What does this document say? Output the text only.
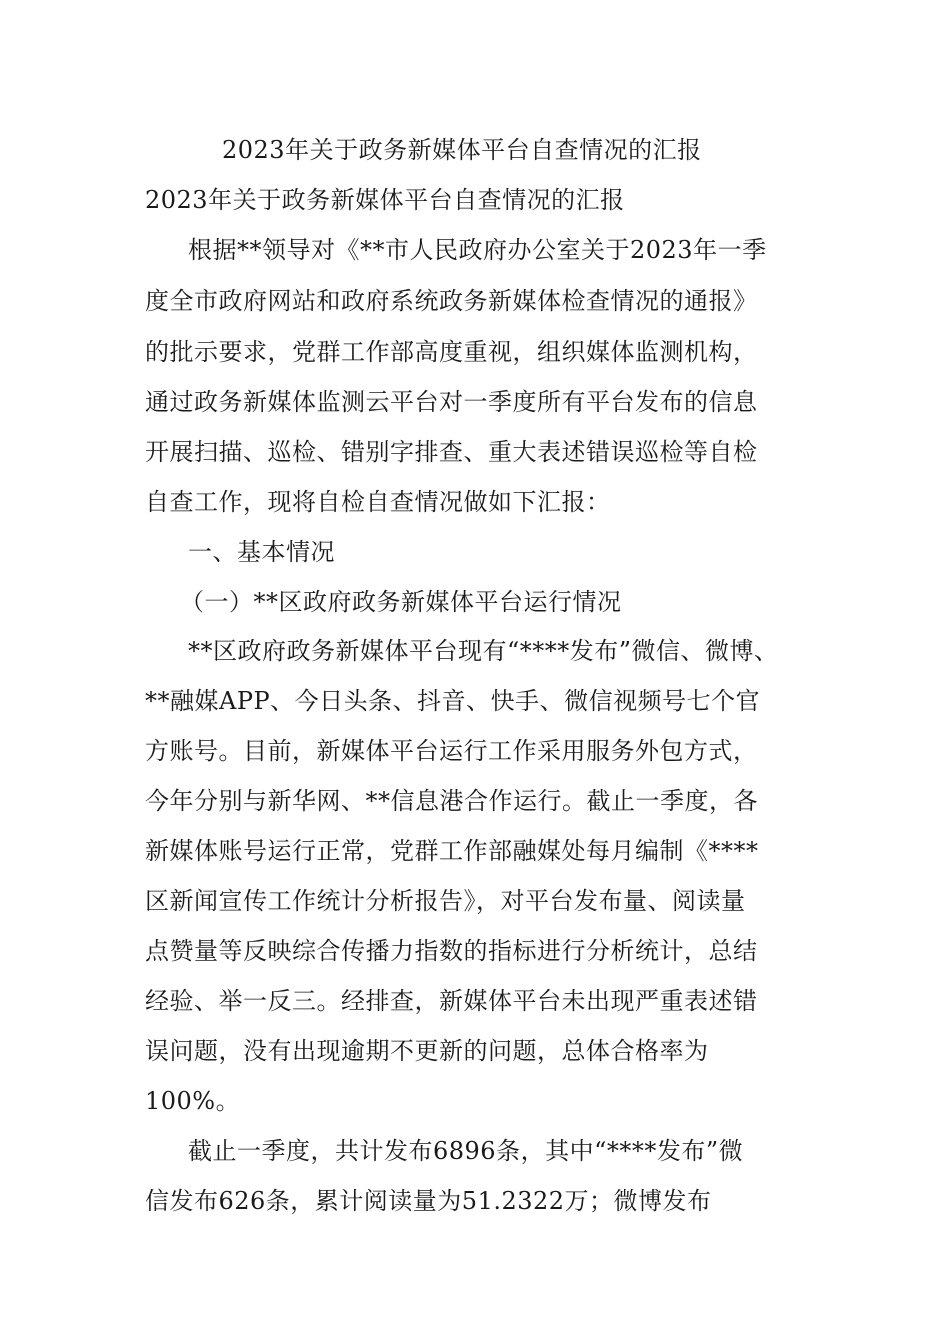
2023年关于政务新媒体平台自查情况的汇报
2023年关于政务新媒体平台自查情况的汇报
根据**领导对《**市人民政府办公室关于2023年一季
度全市政府网站和政府系统政务新媒体检查情况的通报》
的批示要求，党群工作部高度重视，组织媒体监测机构，
通过政务新媒体监测云平台对一季度所有平台发布的信息
开展扫描、巡检、错别字排查、重大表述错误巡检等自检
自查工作，现将自检自查情况做如下汇报：
一、基本情况
（一）**区政府政务新媒体平台运行情况
**区政府政务新媒体平台现有“****发布”微信、微博、
**融媒APP、今日头条、抖音、快手、微信视频号七个官
方账号。目前，新媒体平台运行工作采用服务外包方式，
今年分别与新华网、**信息港合作运行。截止一季度，各
新媒体账号运行正常，党群工作部融媒处每月编制《****
区新闻宣传工作统计分析报告》，对平台发布量、阅读量
点赞量等反映综合传播力指数的指标进行分析统计，总结
经验、举一反三。经排查，新媒体平台未出现严重表述错
误问题，没有出现逾期不更新的问题，总体合格率为
100%。
截止一季度，共计发布6896条，其中“****发布”微
信发布626条，累计阅读量为51.2322万；微博发布
